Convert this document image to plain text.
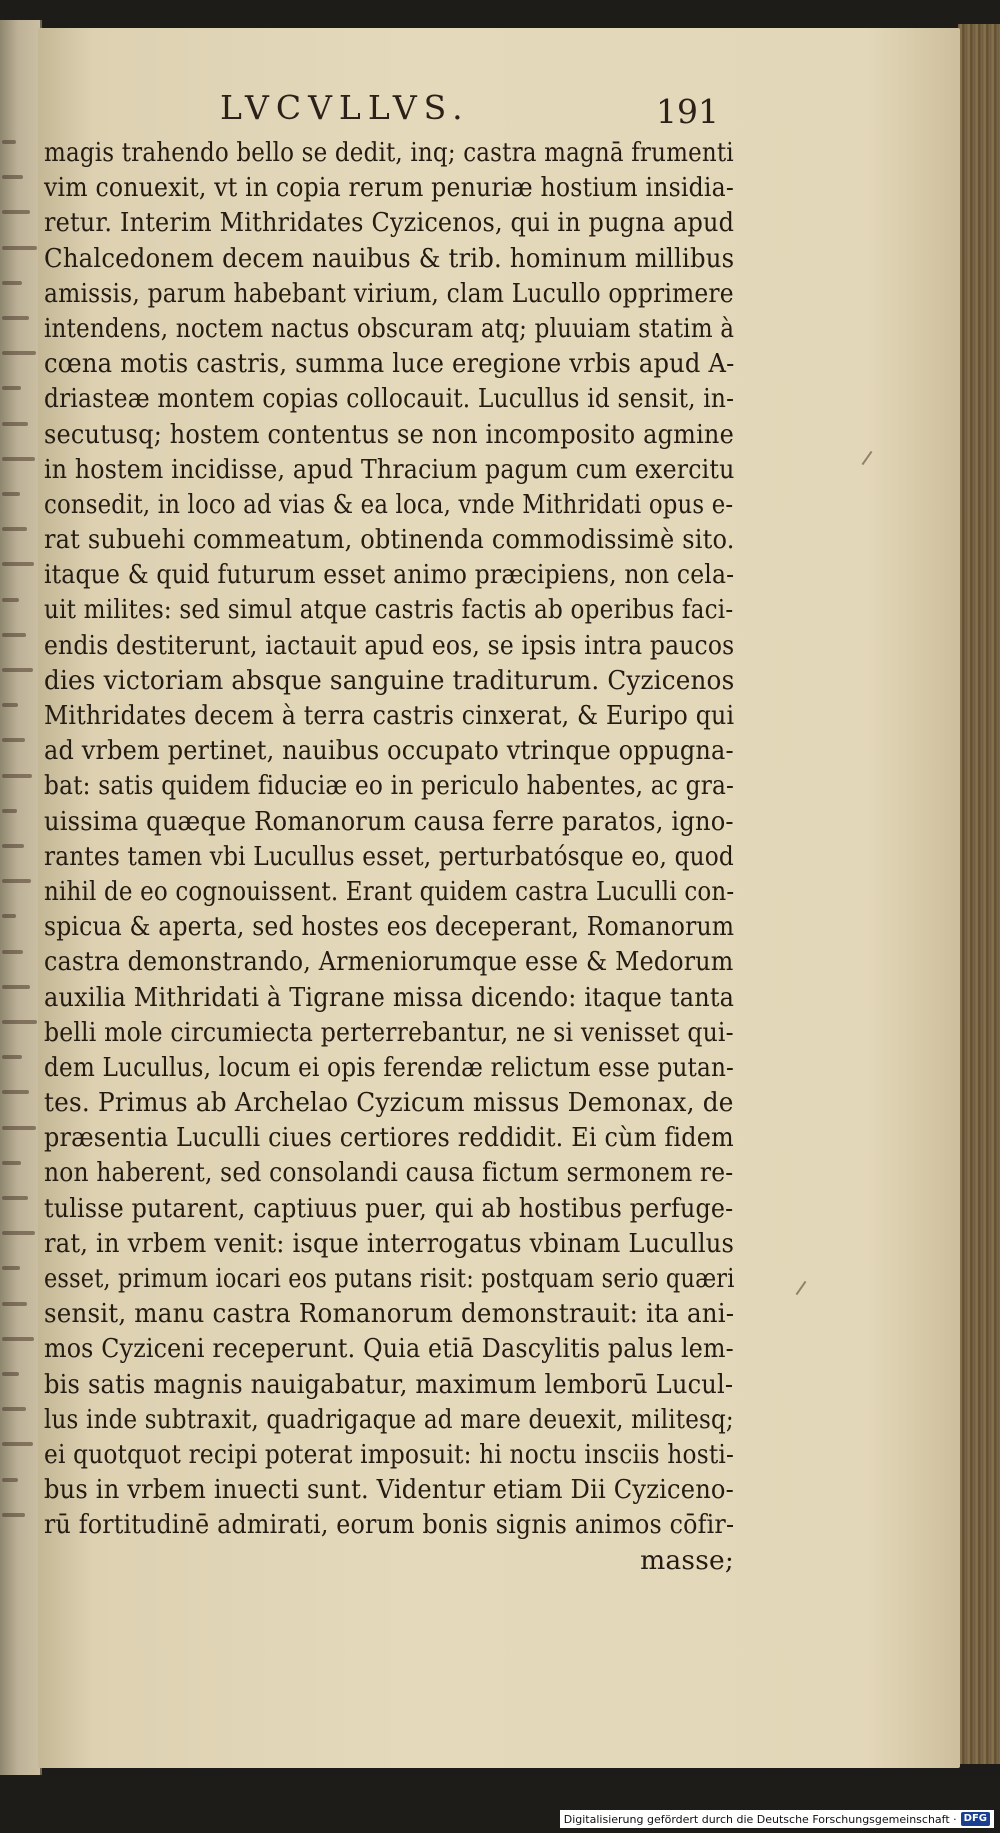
LVCVLLVS.	191
magis trahendo bello se dedit, inq; castra magnā frumenti
vim conuexit, vt in copia rerum penuriæ hostium insidia-
retur. Interim Mithridates Cyzicenos, qui in pugna apud
Chalcedonem decem nauibus & trib. hominum millibus
amissis, parum habebant virium, clam Lucullo opprimere
intendens, noctem nactus obscuram atq; pluuiam statim à
cœna motis castris, summa luce eregione vrbis apud A-
driasteæ montem copias collocauit. Lucullus id sensit, in-
secutusq; hostem contentus se non incomposito agmine
in hostem incidisse, apud Thracium pagum cum exercitu
consedit, in loco ad vias & ea loca, vnde Mithridati opus e-
rat subuehi commeatum, obtinenda commodissimè sito.
itaque & quid futurum esset animo præcipiens, non cela-
uit milites: sed simul atque castris factis ab operibus faci-
endis destiterunt, iactauit apud eos, se ipsis intra paucos
dies victoriam absque sanguine traditurum. Cyzicenos
Mithridates decem à terra castris cinxerat, & Euripo qui
ad vrbem pertinet, nauibus occupato vtrinque oppugna-
bat: satis quidem fiduciæ eo in periculo habentes, ac gra-
uissima quæque Romanorum causa ferre paratos, igno-
rantes tamen vbi Lucullus esset, perturbatósque eo, quod
nihil de eo cognouissent. Erant quidem castra Luculli con-
spicua & aperta, sed hostes eos deceperant, Romanorum
castra demonstrando, Armeniorumque esse & Medorum
auxilia Mithridati à Tigrane missa dicendo: itaque tanta
belli mole circumiecta perterrebantur, ne si venisset qui-
dem Lucullus, locum ei opis ferendæ relictum esse putan-
tes. Primus ab Archelao Cyzicum missus Demonax, de
præsentia Luculli ciues certiores reddidit. Ei cùm fidem
non haberent, sed consolandi causa fictum sermonem re-
tulisse putarent, captiuus puer, qui ab hostibus perfuge-
rat, in vrbem venit: isque interrogatus vbinam Lucullus
esset, primum iocari eos putans risit: postquam serio quæri
sensit, manu castra Romanorum demonstrauit: ita ani-
mos Cyziceni receperunt. Quia etiā Dascylitis palus lem-
bis satis magnis nauigabatur, maximum lemborū Lucul-
lus inde subtraxit, quadrigaque ad mare deuexit, militesq;
ei quotquot recipi poterat imposuit: hi noctu insciis hosti-
bus in vrbem inuecti sunt. Videntur etiam Dii Cyziceno-
rū fortitudinē admirati, eorum bonis signis animos cōfir-
masse;
Digitalisierung gefördert durch die Deutsche Forschungsgemeinschaft · DFG
